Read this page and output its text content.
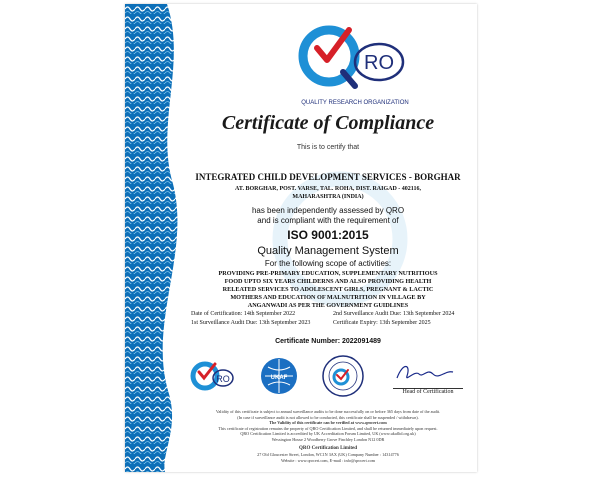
RO
QUALITY RESEARCH ORGANIZATION
Certificate of Compliance
This is to certify that
INTEGRATED CHILD DEVELOPMENT SERVICES - BORGHAR
AT. BORGHAR, POST. VARSE, TAL. ROHA, DIST. RAIGAD - 402116,
MAHARASHTRA (INDIA)
has been independently assessed by QRO
and is compliant with the requirement of
ISO 9001:2015
Quality Management System
For the following scope of activities:
PROVIDING PRE-PRIMARY EDUCATION, SUPPLEMENTARY NUTRITIOUS
FOOD UPTO SIX YEARS CHILDERNS AND ALSO PROVIDING HEALTH
RELEATED SERVICES TO ADOLESCENT GIRLS, PREGNANT & LACTIC
MOTHERS AND EDUCATION OF MALNUTRITION IN VILLAGE BY
ANGANWADI AS PER THE GOVERNMENT GUIDLINES
Date of Certification: 14th September 2022
1st Surveillance Audit Due: 13th September 2023
2nd Surveillance Audit Due: 13th September 2024
Certificate Expiry: 13th September 2025
Certificate Number: 2022091489
RO	UKAF
Head of Certification
Validity of this certificate is subject to annual surveillance audits to be done successfully on or before 365 days from date of the audit.
(In case if surveillance audit is not allowed to be conducted, this certificate shall be suspended / withdrawn).
The Validity of this certificate can be verified at www.qrocert.com
This certificate of registration remains the property of QRO Certification Limited, and shall be returned immediately upon request.
QRO Certification Limited is accredited by UK Accreditation Forum Limited, UK (www.ukafltd.org.uk)
Wessington House 2 Woodberry Grove Finchley London N12 0DR
QRO Certification Limited
27 Old Gloucester Street, London, WC1N 3AX (UK) Company Number : 14314776
Website : www.qrocert.com, E-mail : info@qrocert.com
